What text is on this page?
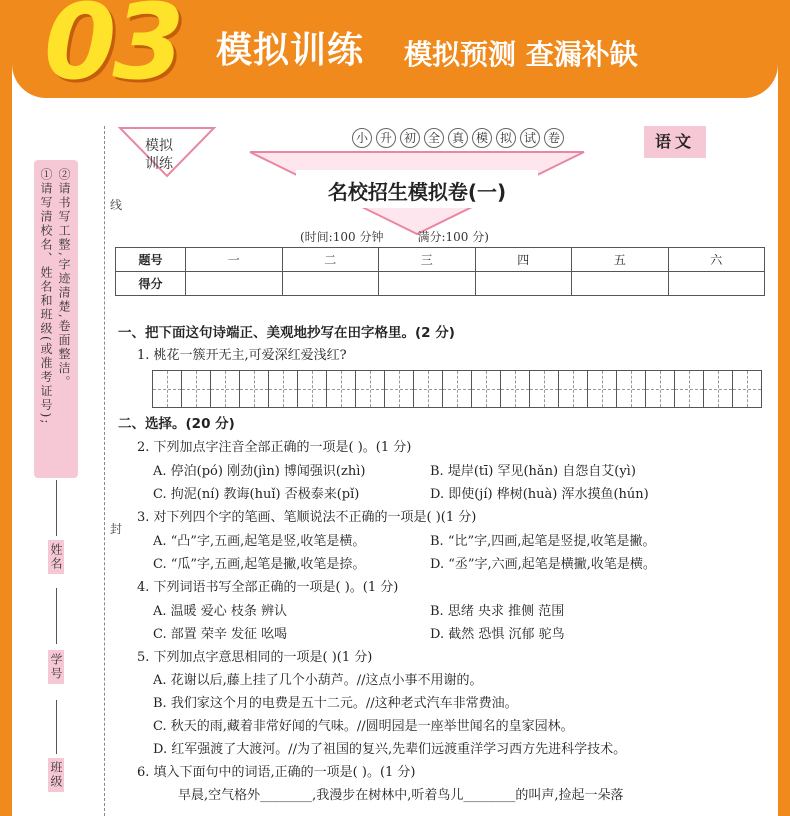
03 模拟训练 模拟预测 查漏补缺
①请写清校名、姓名和班级(或准考证号); ②请书写工整,字迹清楚,卷面整洁。	线
封
姓名
学号
班级
模拟训练
小 升 初 全 真 模 拟 试 卷	语文
名校招生模拟卷(一)
(时间:100 分钟	满分:100 分)
题号	一	二	三	四	五	六
得分						
一、把下面这句诗端正、美观地抄写在田字格里。(2 分)
1. 桃花一簇开无主,可爱深红爱浅红?
二、选择。(20 分)
2. 下列加点字注音全部正确的一项是( )。(1 分)
A. 停泊(pó) 刚劲(jìn) 博闻强识(zhì)	B. 堤岸(tī) 罕见(hǎn) 自怨自艾(yì)
C. 拘泥(ní) 教诲(huǐ) 否极泰来(pǐ)	D. 即使(jí) 桦树(huà) 浑水摸鱼(hún)
3. 对下列四个字的笔画、笔顺说法不正确的一项是( )(1 分)
A. “凸”字,五画,起笔是竖,收笔是横。	B. “比”字,四画,起笔是竖提,收笔是撇。
C. “瓜”字,五画,起笔是撇,收笔是捺。	D. “丞”字,六画,起笔是横撇,收笔是横。
4. 下列词语书写全部正确的一项是( )。(1 分)
A. 温暖 爱心 枝条 辨认	B. 思绪 央求 推侧 范围
C. 部置 荣辛 发征 吆喝	D. 截然 恐惧 沉郁 驼鸟
5. 下列加点字意思相同的一项是( )(1 分)
A. 花谢以后,藤上挂了几个小葫芦。//这点小事不用谢的。
B. 我们家这个月的电费是五十二元。//这种老式汽车非常费油。
C. 秋天的雨,藏着非常好闻的气味。//圆明园是一座举世闻名的皇家园林。
D. 红军强渡了大渡河。//为了祖国的复兴,先辈们远渡重洋学习西方先进科学技术。
6. 填入下面句中的词语,正确的一项是( )。(1 分)
早晨,空气格外________,我漫步在树林中,听着鸟儿________的叫声,捡起一朵落
